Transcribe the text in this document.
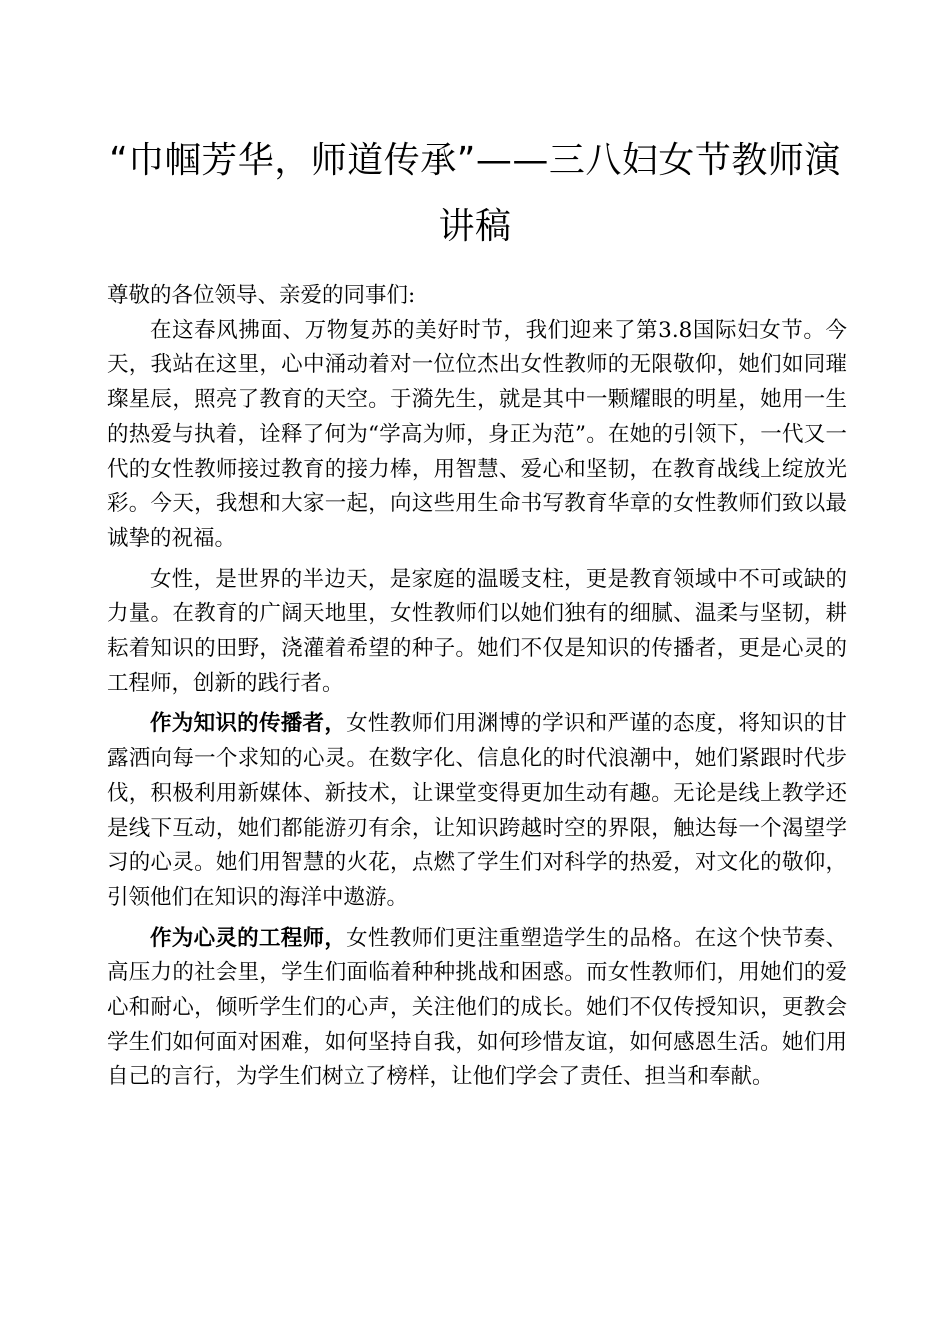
“巾帼芳华，师道传承”——三八妇女节教师演讲稿

尊敬的各位领导、亲爱的同事们:

在这春风拂面、万物复苏的美好时节，我们迎来了第3.8国际妇女节。今天，我站在这里，心中涌动着对一位位杰出女性教师的无限敬仰，她们如同璀璨星辰，照亮了教育的天空。于漪先生，就是其中一颗耀眼的明星，她用一生的热爱与执着，诠释了何为“学高为师，身正为范”。在她的引领下，一代又一代的女性教师接过教育的接力棒，用智慧、爱心和坚韧，在教育战线上绽放光彩。今天，我想和大家一起，向这些用生命书写教育华章的女性教师们致以最诚挚的祝福。

女性，是世界的半边天，是家庭的温暖支柱，更是教育领域中不可或缺的力量。在教育的广阔天地里，女性教师们以她们独有的细腻、温柔与坚韧，耕耘着知识的田野，浇灌着希望的种子。她们不仅是知识的传播者，更是心灵的工程师，创新的践行者。

作为知识的传播者，女性教师们用渊博的学识和严谨的态度，将知识的甘露洒向每一个求知的心灵。在数字化、信息化的时代浪潮中，她们紧跟时代步伐，积极利用新媒体、新技术，让课堂变得更加生动有趣。无论是线上教学还是线下互动，她们都能游刃有余，让知识跨越时空的界限，触达每一个渴望学习的心灵。她们用智慧的火花，点燃了学生们对科学的热爱，对文化的敬仰，引领他们在知识的海洋中遨游。

作为心灵的工程师，女性教师们更注重塑造学生的品格。在这个快节奏、高压力的社会里，学生们面临着种种挑战和困惑。而女性教师们，用她们的爱心和耐心，倾听学生们的心声，关注他们的成长。她们不仅传授知识，更教会学生们如何面对困难，如何坚持自我，如何珍惜友谊，如何感恩生活。她们用自己的言行，为学生们树立了榜样，让他们学会了责任、担当和奉献。
